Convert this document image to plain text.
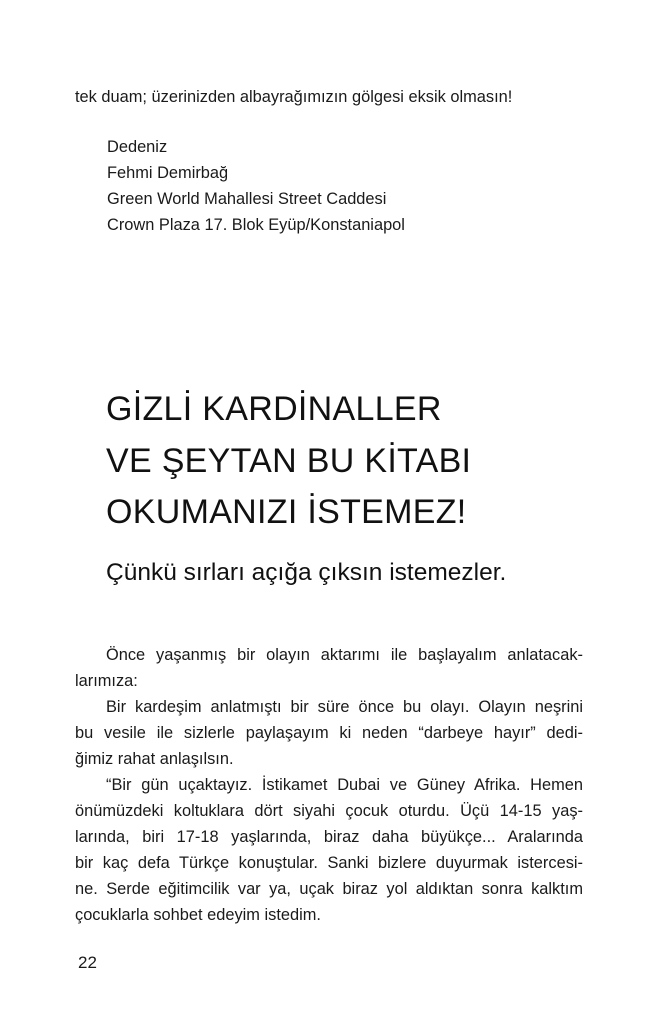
tek duam; üzerinizden albayrağımızın gölgesi eksik olmasın!
Dedeniz
Fehmi Demirbağ
Green World Mahallesi Street Caddesi
Crown Plaza 17. Blok Eyüp/Konstaniapol
GİZLİ KARDİNALLER
VE ŞEYTAN BU KİTABI
OKUMANIZI İSTEMEZ!
Çünkü sırları açığa çıksın istemezler.
Önce yaşanmış bir olayın aktarımı ile başlayalım anlatacak-
larımıza:
Bir kardeşim anlatmıştı bir süre önce bu olayı. Olayın neşrini
bu vesile ile sizlerle paylaşayım ki neden “darbeye hayır” dedi-
ğimiz rahat anlaşılsın.
“Bir gün uçaktayız. İstikamet Dubai ve Güney Afrika. Hemen
önümüzdeki koltuklara dört siyahi çocuk oturdu. Üçü 14-15 yaş-
larında, biri 17-18 yaşlarında, biraz daha büyükçe... Aralarında
bir kaç defa Türkçe konuştular. Sanki bizlere duyurmak istercesi-
ne. Serde eğitimcilik var ya, uçak biraz yol aldıktan sonra kalktım
çocuklarla sohbet edeyim istedim.
22
